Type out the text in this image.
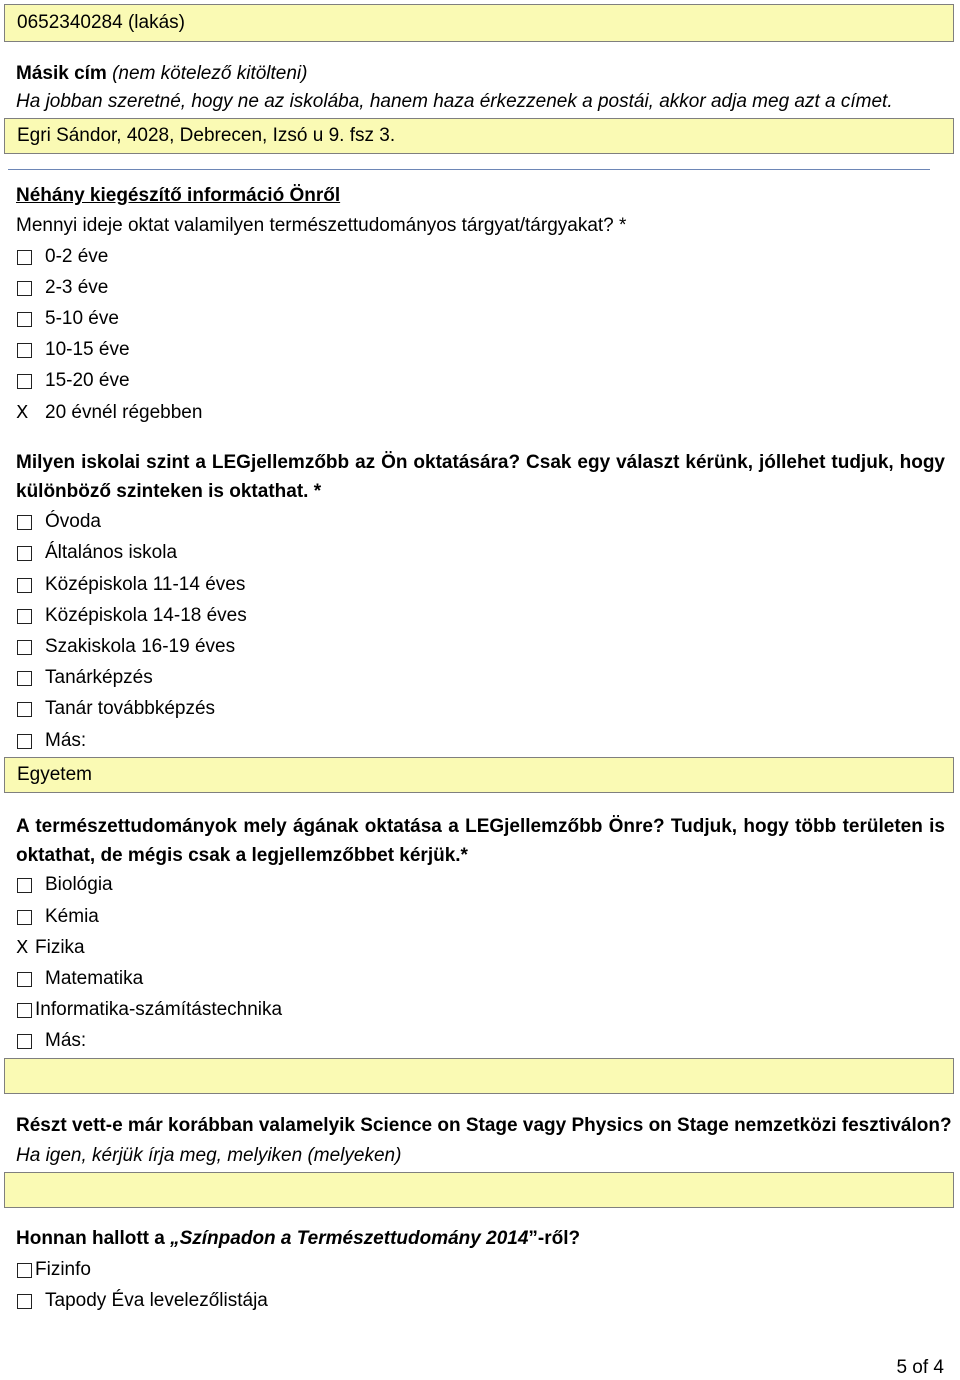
0652340284 (lakás)
Másik cím (nem kötelező kitölteni)
Ha jobban szeretné, hogy ne az iskolába, hanem haza érkezzenek a postái, akkor adja meg azt a címet.
Egri Sándor, 4028, Debrecen, Izsó u 9. fsz 3.
Néhány kiegészítő információ Önről
Mennyi ideje oktat valamilyen természettudományos tárgyat/tárgyakat? *
0-2 éve
2-3 éve
5-10 éve
10-15 éve
15-20 éve
X 20 évnél régebben
Milyen iskolai szint a LEGjellemzőbb az Ön oktatására? Csak egy választ kérünk, jóllehet tudjuk, hogy
különböző szinteken is oktathat. *
Óvoda
Általános iskola
Középiskola 11-14 éves
Középiskola 14-18 éves
Szakiskola 16-19 éves
Tanárképzés
Tanár továbbképzés
Más:
Egyetem
A természettudományok mely ágának oktatása a LEGjellemzőbb Önre? Tudjuk, hogy több területen is
oktathat, de mégis csak a legjellemzőbbet kérjük.*
Biológia
Kémia
X Fizika
Matematika
Informatika-számítástechnika
Más:
Részt vett-e már korábban valamelyik Science on Stage vagy Physics on Stage nemzetközi fesztiválon?
Ha igen, kérjük írja meg, melyiken (melyeken)
Honnan hallott a „Színpadon a Természettudomány 2014”-ről?
Fizinfo
Tapody Éva levelezőlistája
5 of 4
